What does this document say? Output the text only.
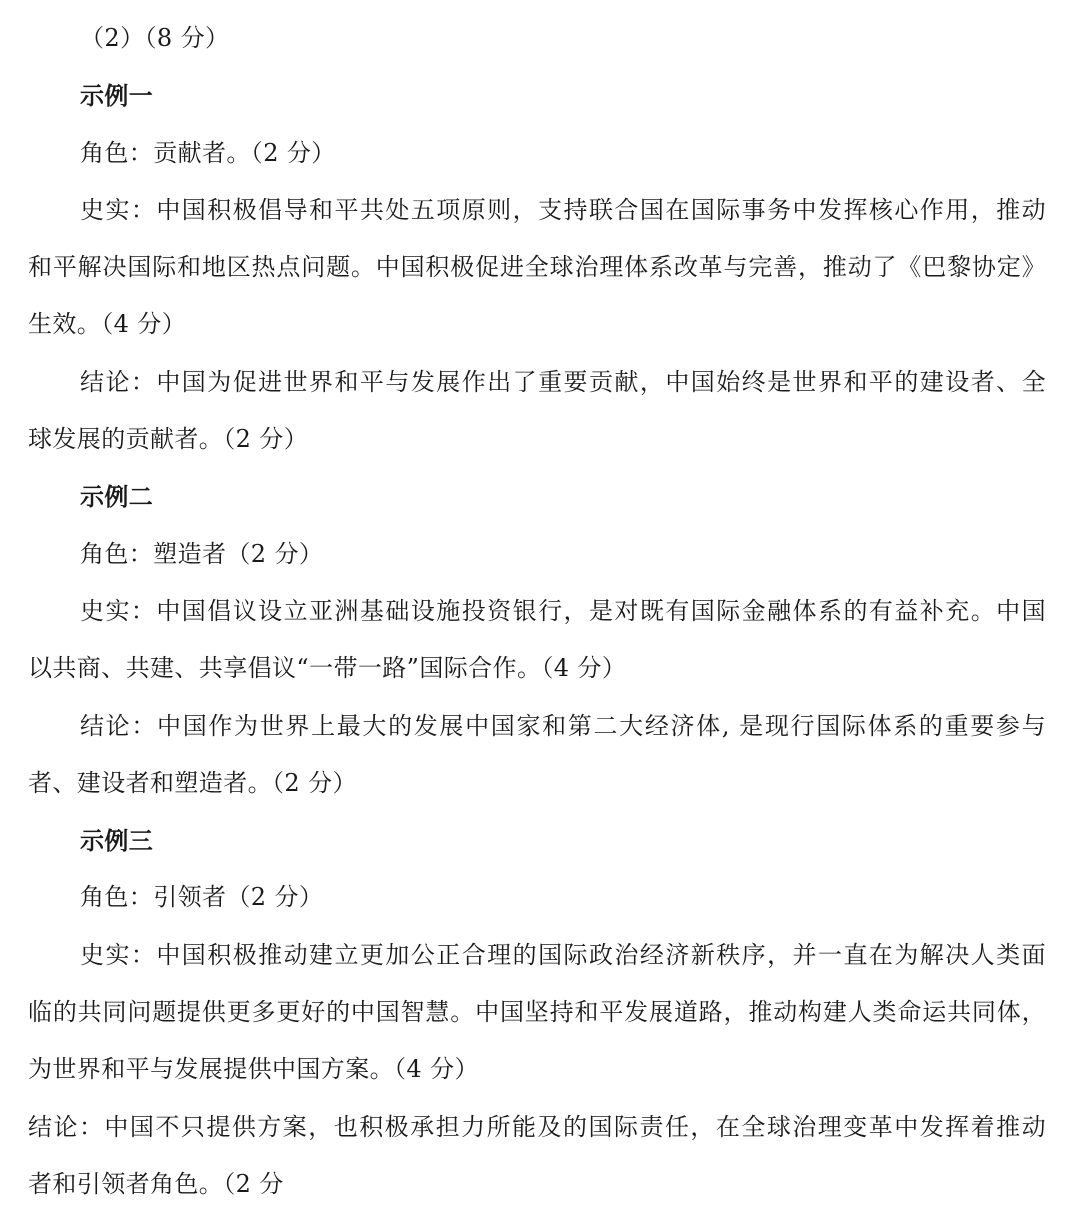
（2）（8 分）
示例一
角色：贡献者。（2 分）
史实：中国积极倡导和平共处五项原则，支持联合国在国际事务中发挥核心作用，推动
和平解决国际和地区热点问题。中国积极促进全球治理体系改革与完善，推动了《巴黎协定》
生效。（4 分）
结论：中国为促进世界和平与发展作出了重要贡献，中国始终是世界和平的建设者、全
球发展的贡献者。（2 分）
示例二
角色：塑造者（2 分）
史实：中国倡议设立亚洲基础设施投资银行，是对既有国际金融体系的有益补充。中国
以共商、共建、共享倡议“一带一路”国际合作。（4 分）
结论：中国作为世界上最大的发展中国家和第二大经济体, 是现行国际体系的重要参与
者、建设者和塑造者。（2 分）
示例三
角色：引领者（2 分）
史实：中国积极推动建立更加公正合理的国际政治经济新秩序，并一直在为解决人类面
临的共同问题提供更多更好的中国智慧。中国坚持和平发展道路，推动构建人类命运共同体，
为世界和平与发展提供中国方案。（4 分）
结论：中国不只提供方案，也积极承担力所能及的国际责任，在全球治理变革中发挥着推动
者和引领者角色。（2 分
